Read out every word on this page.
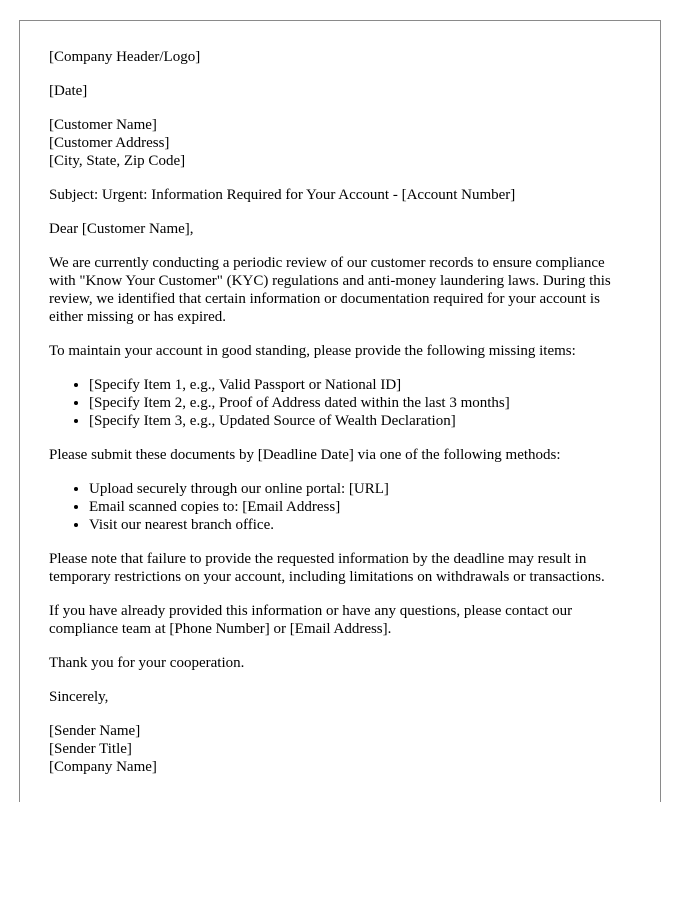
[Company Header/Logo]

[Date]

[Customer Name]
[Customer Address]
[City, State, Zip Code]

Subject: Urgent: Information Required for Your Account - [Account Number]

Dear [Customer Name],

We are currently conducting a periodic review of our customer records to ensure compliance with "Know Your Customer" (KYC) regulations and anti-money laundering laws. During this review, we identified that certain information or documentation required for your account is either missing or has expired.

To maintain your account in good standing, please provide the following missing items:

• [Specify Item 1, e.g., Valid Passport or National ID]
• [Specify Item 2, e.g., Proof of Address dated within the last 3 months]
• [Specify Item 3, e.g., Updated Source of Wealth Declaration]

Please submit these documents by [Deadline Date] via one of the following methods:

• Upload securely through our online portal: [URL]
• Email scanned copies to: [Email Address]
• Visit our nearest branch office.

Please note that failure to provide the requested information by the deadline may result in temporary restrictions on your account, including limitations on withdrawals or transactions.

If you have already provided this information or have any questions, please contact our compliance team at [Phone Number] or [Email Address].

Thank you for your cooperation.

Sincerely,

[Sender Name]
[Sender Title]
[Company Name]
